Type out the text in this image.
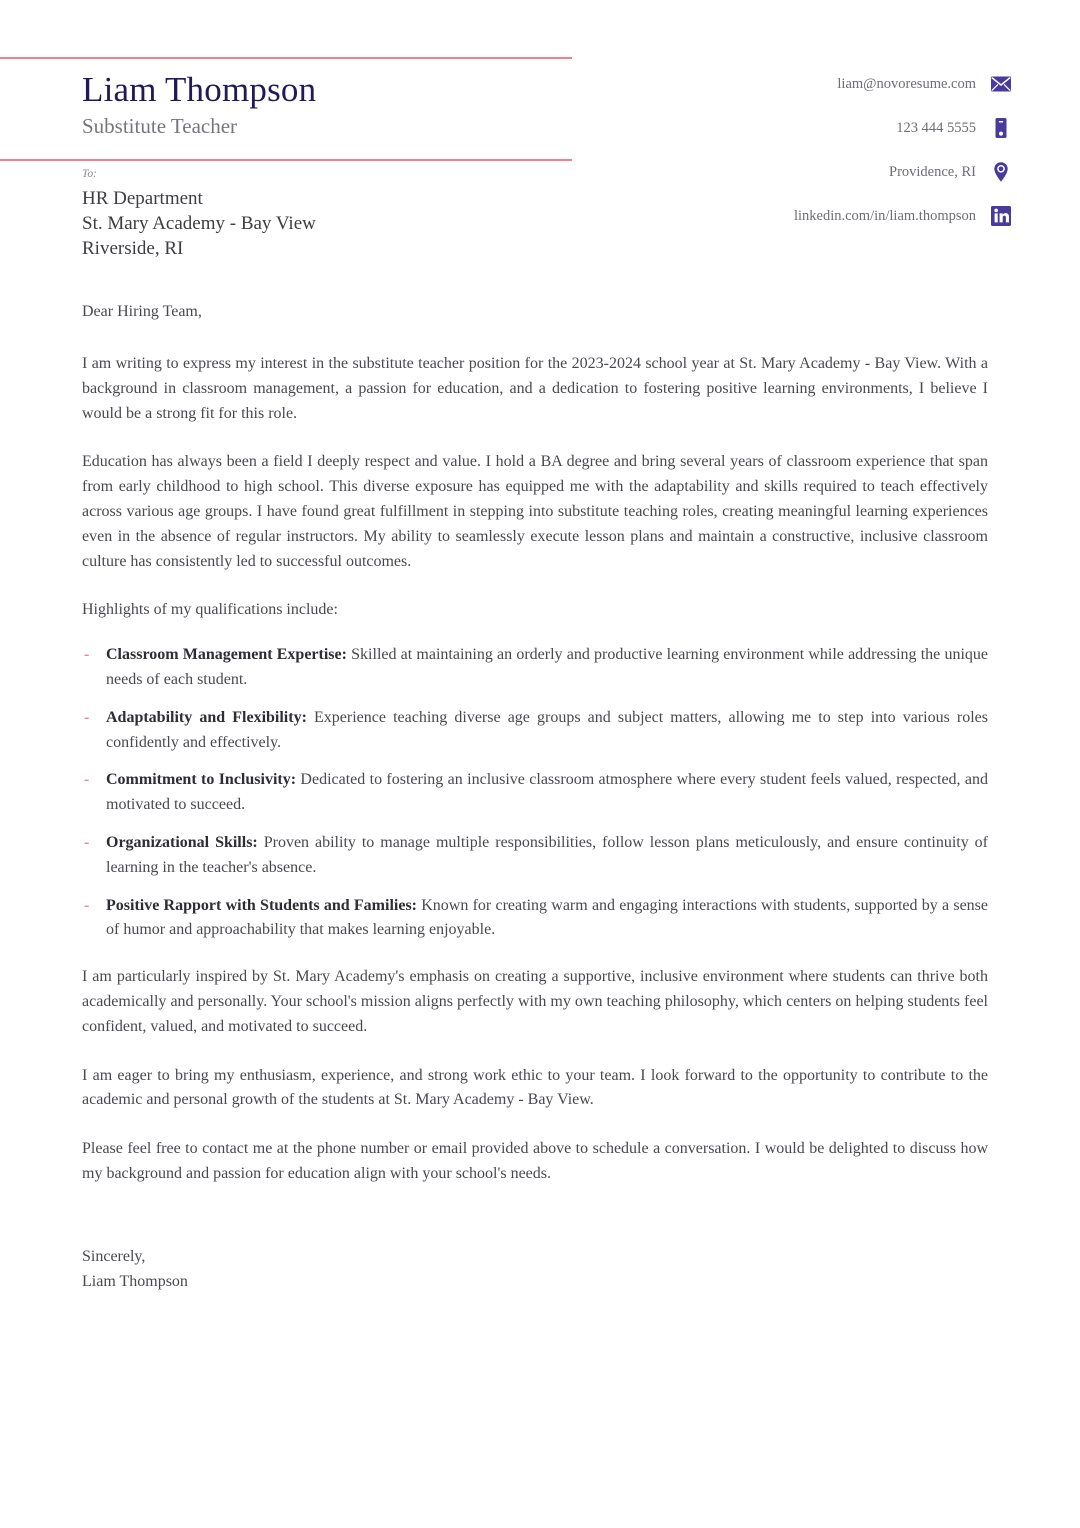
Liam Thompson
Substitute Teacher
liam@novoresume.com
123 444 5555
Providence, RI
linkedin.com/in/liam.thompson
To:
HR Department
St. Mary Academy - Bay View
Riverside, RI
Dear Hiring Team,

I am writing to express my interest in the substitute teacher position for the 2023-2024 school year at St. Mary Academy - Bay View. With a background in classroom management, a passion for education, and a dedication to fostering positive learning environments, I believe I would be a strong fit for this role.

Education has always been a field I deeply respect and value. I hold a BA degree and bring several years of classroom experience that span from early childhood to high school. This diverse exposure has equipped me with the adaptability and skills required to teach effectively across various age groups. I have found great fulfillment in stepping into substitute teaching roles, creating meaningful learning experiences even in the absence of regular instructors. My ability to seamlessly execute lesson plans and maintain a constructive, inclusive classroom culture has consistently led to successful outcomes.

Highlights of my qualifications include:

- Classroom Management Expertise: Skilled at maintaining an orderly and productive learning environment while addressing the unique needs of each student.
- Adaptability and Flexibility: Experience teaching diverse age groups and subject matters, allowing me to step into various roles confidently and effectively.
- Commitment to Inclusivity: Dedicated to fostering an inclusive classroom atmosphere where every student feels valued, respected, and motivated to succeed.
- Organizational Skills: Proven ability to manage multiple responsibilities, follow lesson plans meticulously, and ensure continuity of learning in the teacher's absence.
- Positive Rapport with Students and Families: Known for creating warm and engaging interactions with students, supported by a sense of humor and approachability that makes learning enjoyable.

I am particularly inspired by St. Mary Academy's emphasis on creating a supportive, inclusive environment where students can thrive both academically and personally. Your school's mission aligns perfectly with my own teaching philosophy, which centers on helping students feel confident, valued, and motivated to succeed.

I am eager to bring my enthusiasm, experience, and strong work ethic to your team. I look forward to the opportunity to contribute to the academic and personal growth of the students at St. Mary Academy - Bay View.

Please feel free to contact me at the phone number or email provided above to schedule a conversation. I would be delighted to discuss how my background and passion for education align with your school's needs.

Sincerely,
Liam Thompson
